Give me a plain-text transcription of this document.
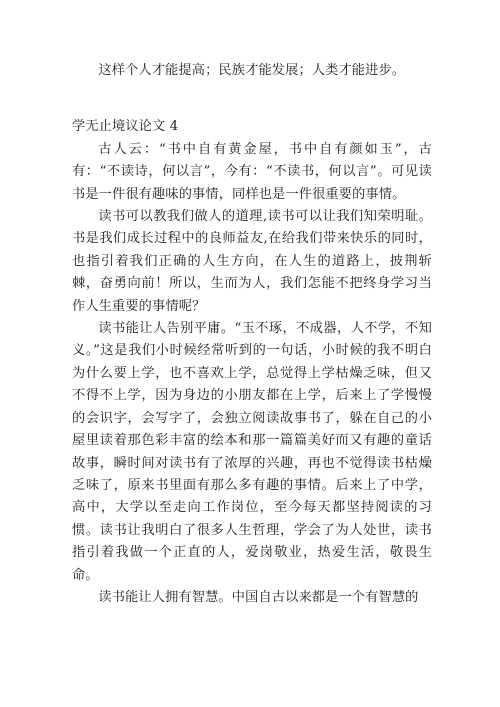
这样个人才能提高；民族才能发展；人类才能进步。

学无止境议论文 4

古人云：“书中自有黄金屋，书中自有颜如玉”，古有：“不读诗，何以言”，今有：“不读书，何以言”。可见读书是一件很有趣味的事情，同样也是一件很重要的事情。

读书可以教我们做人的道理,读书可以让我们知荣明耻。书是我们成长过程中的良师益友,在给我们带来快乐的同时，也指引着我们正确的人生方向，在人生的道路上，披荆斩棘，奋勇向前！所以，生而为人，我们怎能不把终身学习当作人生重要的事情呢？

读书能让人告别平庸。“玉不琢，不成器，人不学，不知义。”这是我们小时候经常听到的一句话，小时候的我不明白为什么要上学，也不喜欢上学，总觉得上学枯燥乏味，但又不得不上学，因为身边的小朋友都在上学，后来上了学慢慢的会识字，会写字了，会独立阅读故事书了，躲在自己的小屋里读着那色彩丰富的绘本和那一篇篇美好而又有趣的童话故事，瞬时间对读书有了浓厚的兴趣，再也不觉得读书枯燥乏味了，原来书里面有那么多有趣的事情。后来上了中学，高中，大学以至走向工作岗位，至今每天都坚持阅读的习惯。读书让我明白了很多人生哲理，学会了为人处世，读书指引着我做一个正直的人，爱岗敬业，热爱生活，敬畏生命。

读书能让人拥有智慧。中国自古以来都是一个有智慧的
